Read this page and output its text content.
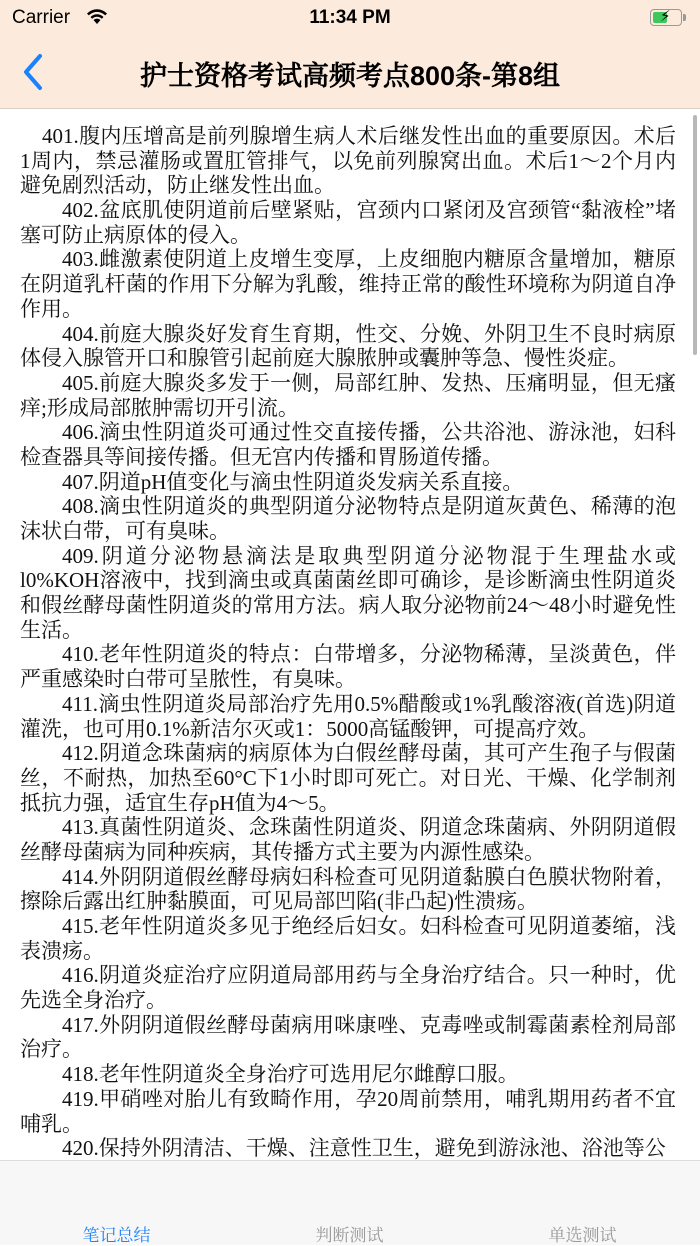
Carrier	11:34 PM	⚡
护士资格考试高频考点800条-第8组
401.腹内压增高是前列腺增生病人术后继发性出血的重要原因。术后
1周内，禁忌灌肠或置肛管排气，以免前列腺窝出血。术后1～2个月内
避免剧烈活动，防止继发性出血。
402.盆底肌使阴道前后壁紧贴，宫颈内口紧闭及宫颈管“黏液栓”堵
塞可防止病原体的侵入。
403.雌激素使阴道上皮增生变厚，上皮细胞内糖原含量增加，糖原
在阴道乳杆菌的作用下分解为乳酸，维持正常的酸性环境称为阴道自净
作用。
404.前庭大腺炎好发育生育期，性交、分娩、外阴卫生不良时病原
体侵入腺管开口和腺管引起前庭大腺脓肿或囊肿等急、慢性炎症。
405.前庭大腺炎多发于一侧，局部红肿、发热、压痛明显，但无瘙
痒;形成局部脓肿需切开引流。
406.滴虫性阴道炎可通过性交直接传播，公共浴池、游泳池，妇科
检查器具等间接传播。但无宫内传播和胃肠道传播。
407.阴道pH值变化与滴虫性阴道炎发病关系直接。
408.滴虫性阴道炎的典型阴道分泌物特点是阴道灰黄色、稀薄的泡
沫状白带，可有臭味。
409.阴道分泌物悬滴法是取典型阴道分泌物混于生理盐水或
l0%KOH溶液中，找到滴虫或真菌菌丝即可确诊，是诊断滴虫性阴道炎
和假丝酵母菌性阴道炎的常用方法。病人取分泌物前24～48小时避免性
生活。
410.老年性阴道炎的特点：白带增多，分泌物稀薄，呈淡黄色，伴
严重感染时白带可呈脓性，有臭味。
411.滴虫性阴道炎局部治疗先用0.5%醋酸或1%乳酸溶液(首选)阴道
灌洗，也可用0.1%新洁尔灭或1：5000高锰酸钾，可提高疗效。
412.阴道念珠菌病的病原体为白假丝酵母菌，其可产生孢子与假菌
丝，不耐热，加热至60°C下1小时即可死亡。对日光、干燥、化学制剂
抵抗力强，适宜生存pH值为4～5。
413.真菌性阴道炎、念珠菌性阴道炎、阴道念珠菌病、外阴阴道假
丝酵母菌病为同种疾病，其传播方式主要为内源性感染。
414.外阴阴道假丝酵母病妇科检查可见阴道黏膜白色膜状物附着，
擦除后露出红肿黏膜面，可见局部凹陷(非凸起)性溃疡。
415.老年性阴道炎多见于绝经后妇女。妇科检查可见阴道萎缩，浅
表溃疡。
416.阴道炎症治疗应阴道局部用药与全身治疗结合。只一种时，优
先选全身治疗。
417.外阴阴道假丝酵母菌病用咪康唑、克毒唑或制霉菌素栓剂局部
治疗。
418.老年性阴道炎全身治疗可选用尼尔雌醇口服。
419.甲硝唑对胎儿有致畸作用，孕20周前禁用，哺乳期用药者不宜
哺乳。
420.保持外阴清洁、干燥、注意性卫生，避免到游泳池、浴池等公
笔记总结	判断测试	单选测试
